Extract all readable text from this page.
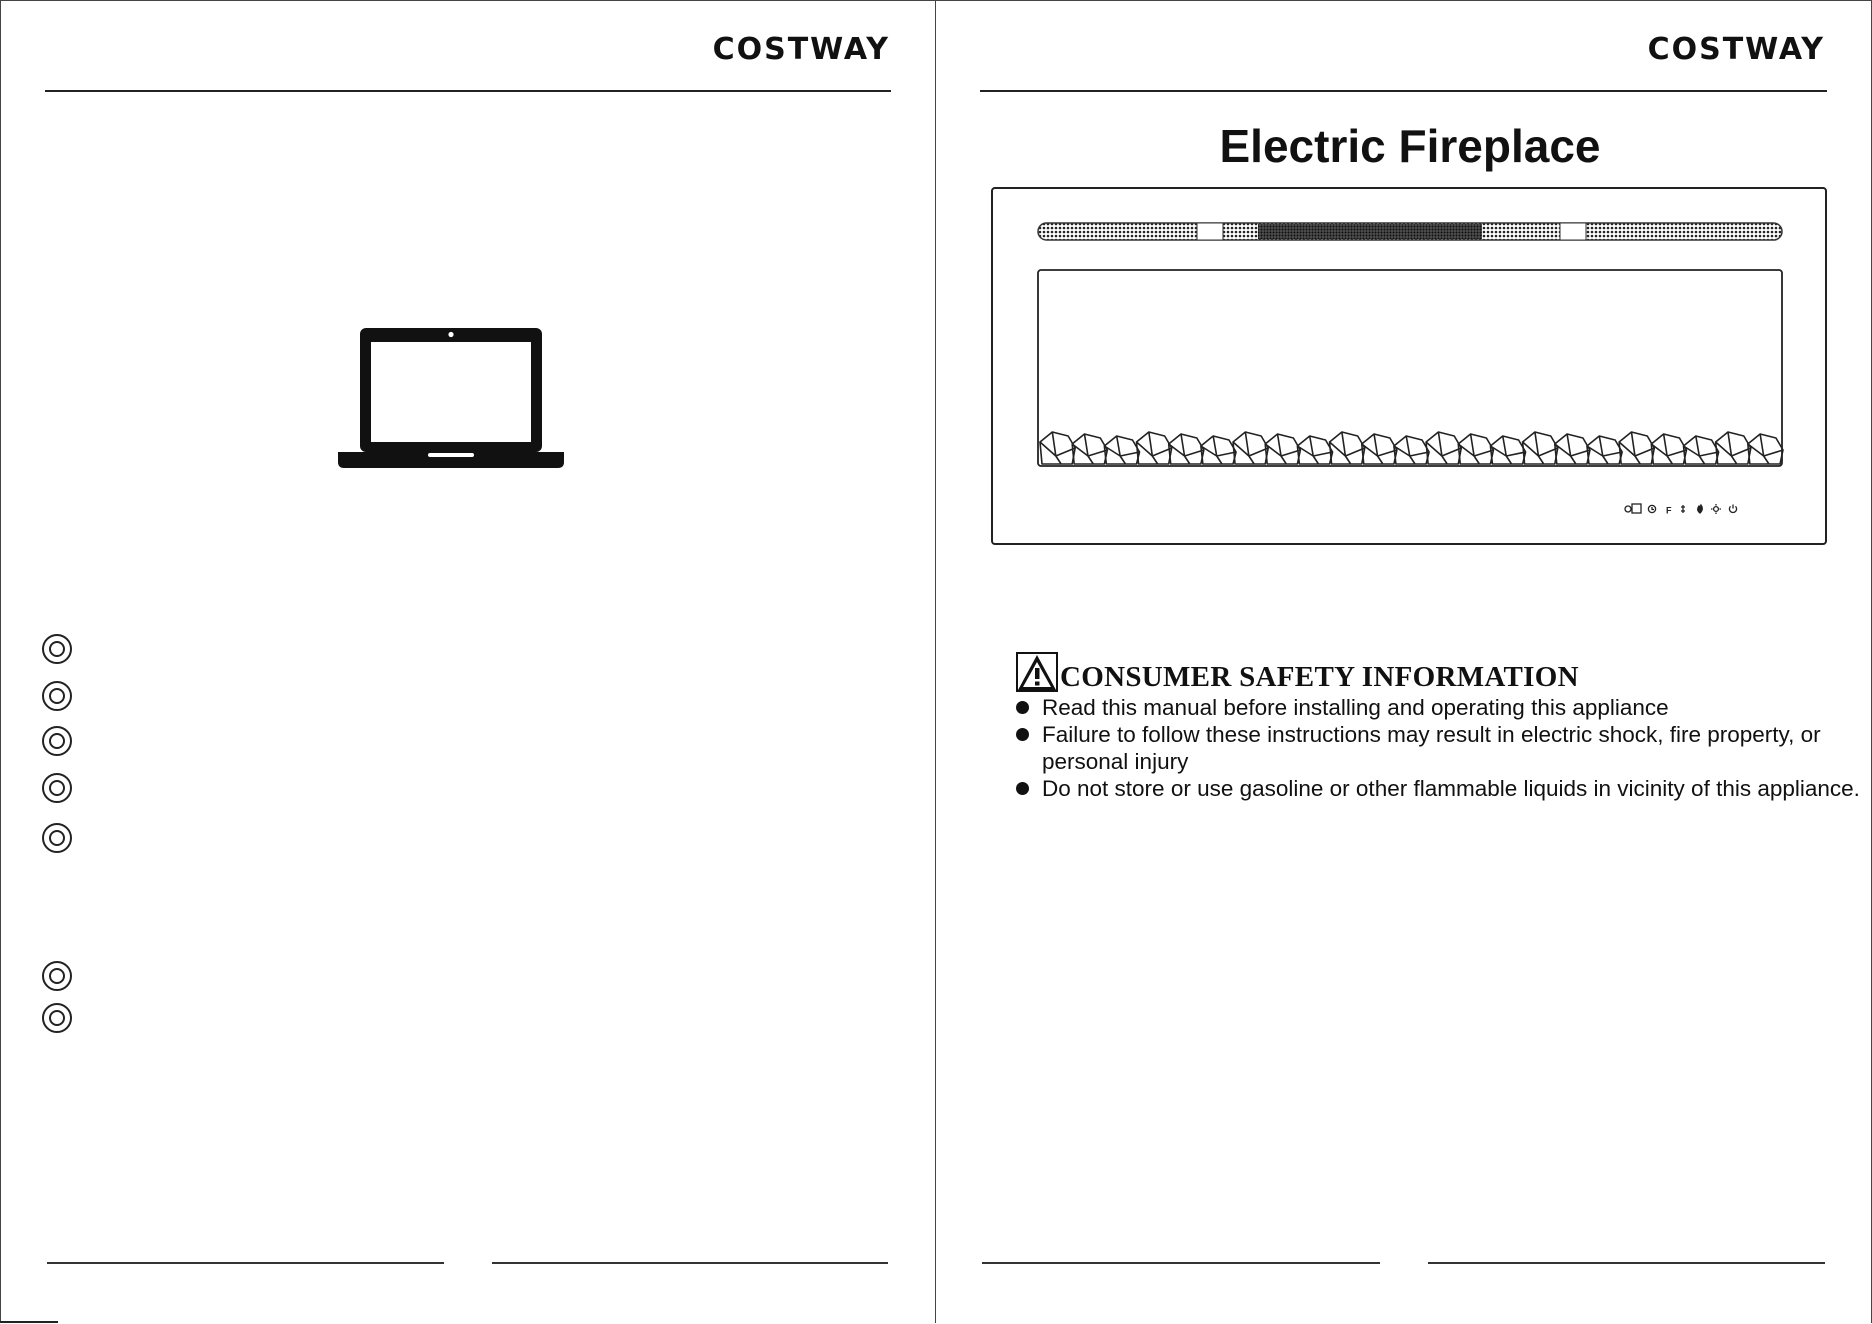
COSTWAY	COSTWAY
Electric Fireplace
F
CONSUMER SAFETY INFORMATION
Read this manual before installing and operating this appliance
Failure to follow these instructions may result in electric shock, fire property, or personal injury
Do not store or use gasoline or other flammable liquids in vicinity of this appliance.
